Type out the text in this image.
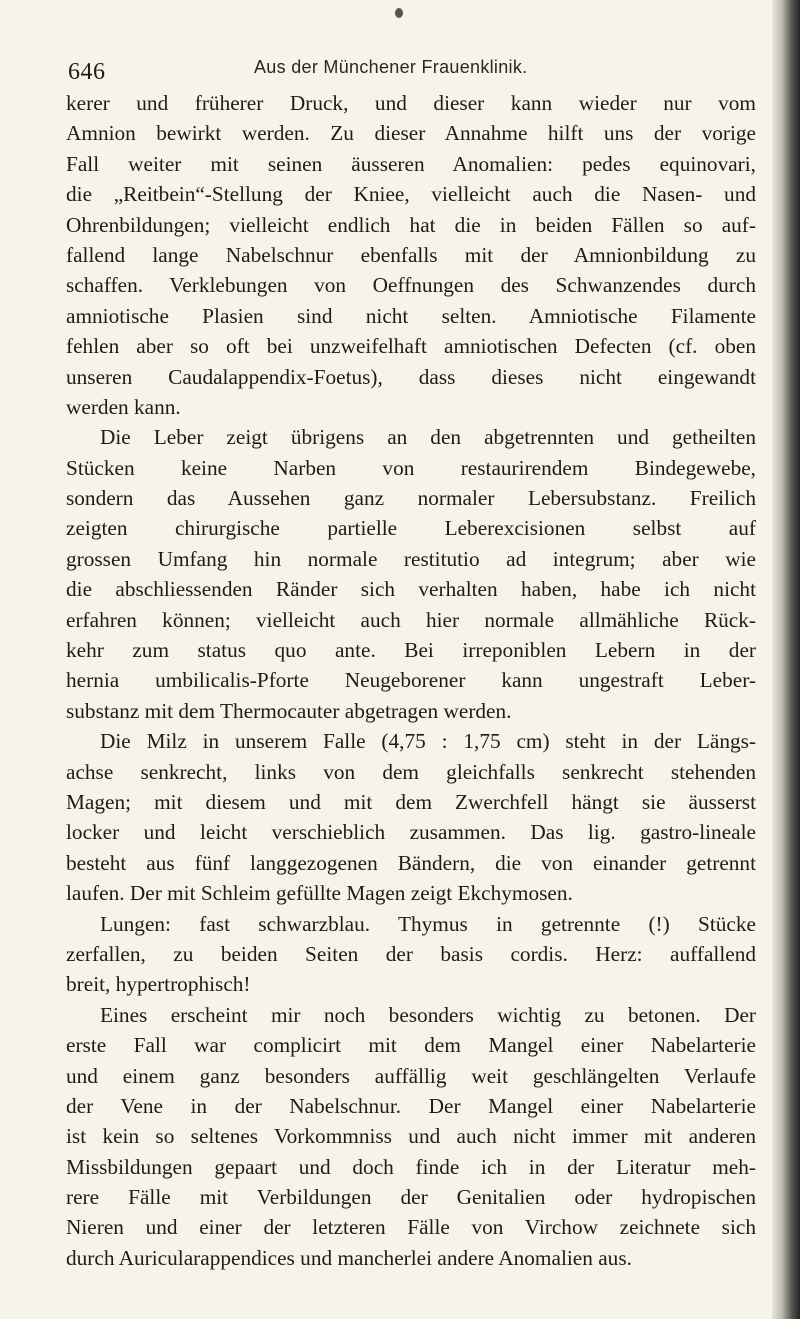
646	Aus der Münchener Frauenklinik.
kerer und früherer Druck, und dieser kann wieder nur vom
Amnion bewirkt werden. Zu dieser Annahme hilft uns der vorige
Fall weiter mit seinen äusseren Anomalien: pedes equinovari,
die „Reitbein“-Stellung der Kniee, vielleicht auch die Nasen- und
Ohrenbildungen; vielleicht endlich hat die in beiden Fällen so auf-
fallend lange Nabelschnur ebenfalls mit der Amnionbildung zu
schaffen. Verklebungen von Oeffnungen des Schwanzendes durch
amniotische Plasien sind nicht selten. Amniotische Filamente
fehlen aber so oft bei unzweifelhaft amniotischen Defecten (cf. oben
unseren Caudalappendix-Foetus), dass dieses nicht eingewandt
werden kann.
Die Leber zeigt übrigens an den abgetrennten und getheilten
Stücken keine Narben von restaurirendem Bindegewebe,
sondern das Aussehen ganz normaler Lebersubstanz. Freilich
zeigten chirurgische partielle Leberexcisionen selbst auf
grossen Umfang hin normale restitutio ad integrum; aber wie
die abschliessenden Ränder sich verhalten haben, habe ich nicht
erfahren können; vielleicht auch hier normale allmähliche Rück-
kehr zum status quo ante. Bei irreponiblen Lebern in der
hernia umbilicalis-Pforte Neugeborener kann ungestraft Leber-
substanz mit dem Thermocauter abgetragen werden.
Die Milz in unserem Falle (4,75 : 1,75 cm) steht in der Längs-
achse senkrecht, links von dem gleichfalls senkrecht stehenden
Magen; mit diesem und mit dem Zwerchfell hängt sie äusserst
locker und leicht verschieblich zusammen. Das lig. gastro-lineale
besteht aus fünf langgezogenen Bändern, die von einander getrennt
laufen. Der mit Schleim gefüllte Magen zeigt Ekchymosen.
Lungen: fast schwarzblau. Thymus in getrennte (!) Stücke
zerfallen, zu beiden Seiten der basis cordis. Herz: auffallend
breit, hypertrophisch!
Eines erscheint mir noch besonders wichtig zu betonen. Der
erste Fall war complicirt mit dem Mangel einer Nabelarterie
und einem ganz besonders auffällig weit geschlängelten Verlaufe
der Vene in der Nabelschnur. Der Mangel einer Nabelarterie
ist kein so seltenes Vorkommniss und auch nicht immer mit anderen
Missbildungen gepaart und doch finde ich in der Literatur meh-
rere Fälle mit Verbildungen der Genitalien oder hydropischen
Nieren und einer der letzteren Fälle von Virchow zeichnete sich
durch Auricularappendices und mancherlei andere Anomalien aus.
